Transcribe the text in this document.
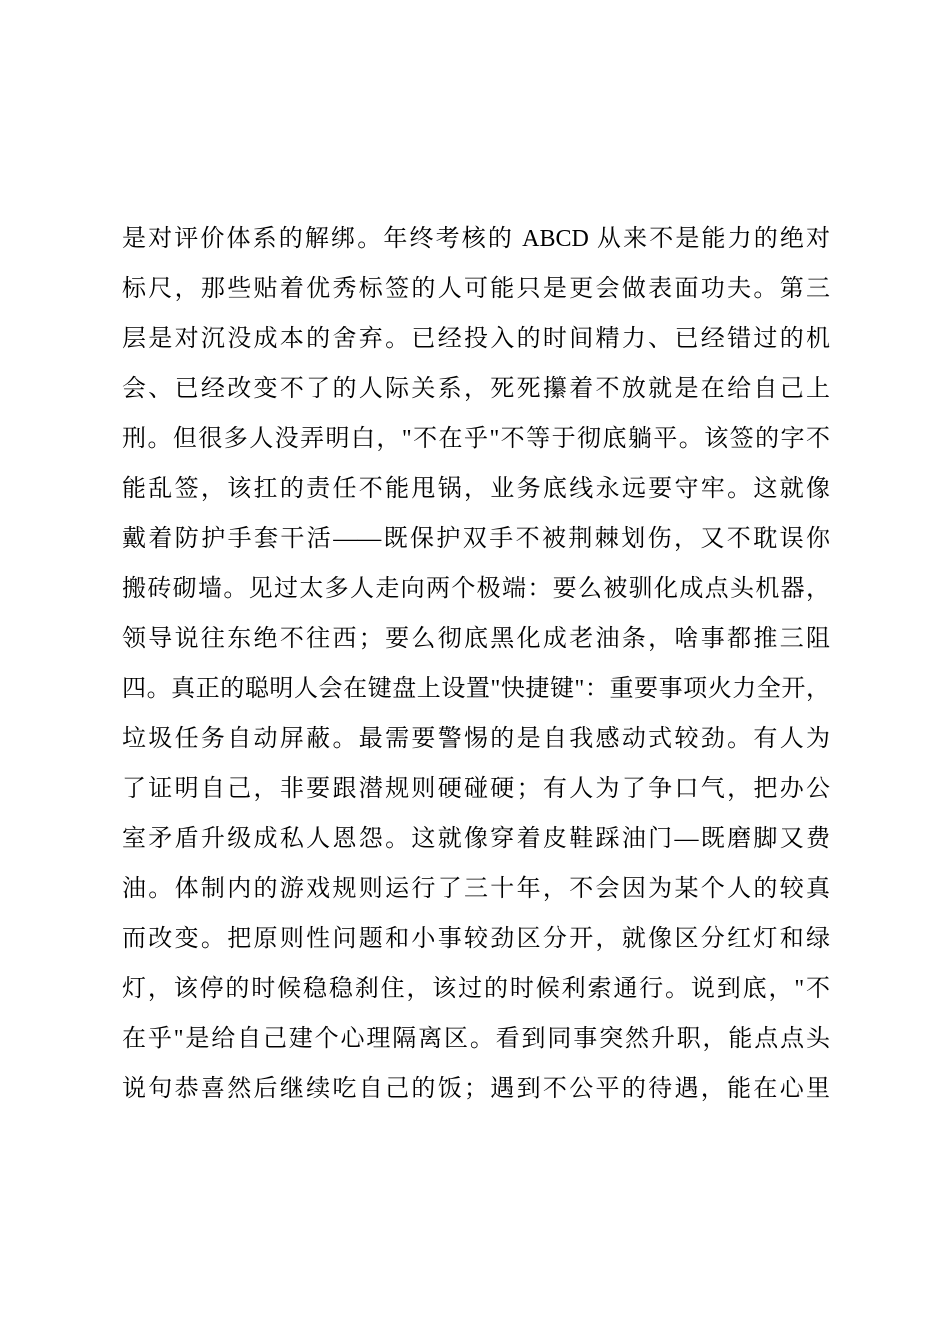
是对评价体系的解绑。年终考核的 ABCD 从来不是能力的绝对
标尺，那些贴着优秀标签的人可能只是更会做表面功夫。第三
层是对沉没成本的舍弃。已经投入的时间精力、已经错过的机
会、已经改变不了的人际关系，死死攥着不放就是在给自己上
刑。但很多人没弄明白，"不在乎"不等于彻底躺平。该签的字不
能乱签，该扛的责任不能甩锅，业务底线永远要守牢。这就像
戴着防护手套干活——既保护双手不被荆棘划伤，又不耽误你
搬砖砌墙。见过太多人走向两个极端：要么被驯化成点头机器，
领导说往东绝不往西；要么彻底黑化成老油条，啥事都推三阻
四。真正的聪明人会在键盘上设置"快捷键"：重要事项火力全开，
垃圾任务自动屏蔽。最需要警惕的是自我感动式较劲。有人为
了证明自己，非要跟潜规则硬碰硬；有人为了争口气，把办公
室矛盾升级成私人恩怨。这就像穿着皮鞋踩油门—既磨脚又费
油。体制内的游戏规则运行了三十年，不会因为某个人的较真
而改变。把原则性问题和小事较劲区分开，就像区分红灯和绿
灯，该停的时候稳稳刹住，该过的时候利索通行。说到底，"不
在乎"是给自己建个心理隔离区。看到同事突然升职，能点点头
说句恭喜然后继续吃自己的饭；遇到不公平的待遇，能在心里
